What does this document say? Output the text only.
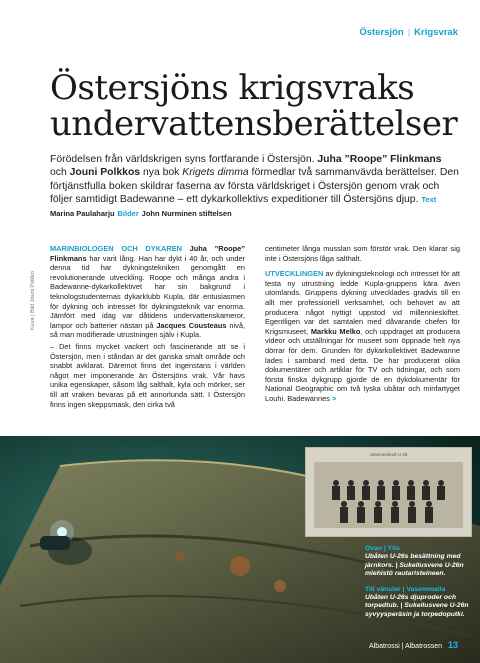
Östersjön | Krigsvrak
Östersjöns krigsvraks
undervattensberättelser

Förödelsen från världskrigen syns fortfarande i Östersjön. Juha ”Roope” Flinkmans och Jouni Polkkos nya bok Krigets dimma förmedlar två sammanvävda berättelser. Den förtjänstfulla boken skildrar faserna av första världskriget i Östersjön genom vrak och följer samtidigt Badewanne – ett dykarkollektivs expeditioner till Östersjöns djup. Text Marina Paulaharju Bilder John Nurminen stiftelsen

MARINBIOLOGEN OCH DYKAREN Juha ”Roope” Flinkmans har varit lång. Han har dykt i 40 år, och under denna tid har dykningstekniken genomgått en revolutionerande utveckling. Roope och många andra i Badewanne-dykarkollektivet har sin bakgrund i teknologstudenternas dykarklubb Kupla, där entusiasmen för dykning och intresset för dykningsteknik var enorma. Jämfört med idag var dåtidens undervattenskameror, lampor och batterier nästan på Jacques Cousteaus nivå, så man modifierade utrustningen själv i Kupla.

– Det finns mycket vackert och fascinerande att se i Östersjön, men i ståndan är det ganska smalt område och snabbt avklarat. Däremot finns det ingenstans i världen något mer imponerande än Östersjöns vrak. Vår havs unika egenskaper, såsom låg salthalt, kyla och mörker, ser till att vraken bevaras på ett annorlunda sätt. I Östersjön finns ingen skeppsmask, den cirka två

centimeter långa musslan som förstör vrak. Den klarar sig inte i Östersjöns låga salthalt.

UTVECKLINGEN av dykningsteknologi och intresset för att testa ny utrustning ledde Kupla-gruppens kära även utomlands. Gruppens dykning utvecklades gradvis till en allt mer professionell verksamhet, och behovet av att producera något nyttigt uppstod vid millenniеskiftet. Egentligen var det samtalen med dåvarande chefen för Krigsmuseet, Markku Melko, och uppdraget att producera videor och utställningar för museet som öppnade helt nya dörrar för dem. Grunden för dykarkollektivet Badewanne lades i samband med detta. De har producerat olika dokumentärer och artiklar för TV och tidningar, och som första finska dykgrupp gjorde de en dykdokumentär för National Geographic om två tyska ubåtar och minfartyget Louhi. Badewannes >

Kuva | Bild Jouni Polkko
Unterseeboot U 26
Ovan | Ylla

Ubåten U-26s besättning med järnkors. | Sukellusvene U-26n miehistö rautaristeineen.

Till vänster | Vasemmalla

Ubåten U-26s djuproder och torpedtub. | Sukellusvene U-26n syvyysperäsin ja torpedoputki.

Albatrossi | Albatrossen 13
